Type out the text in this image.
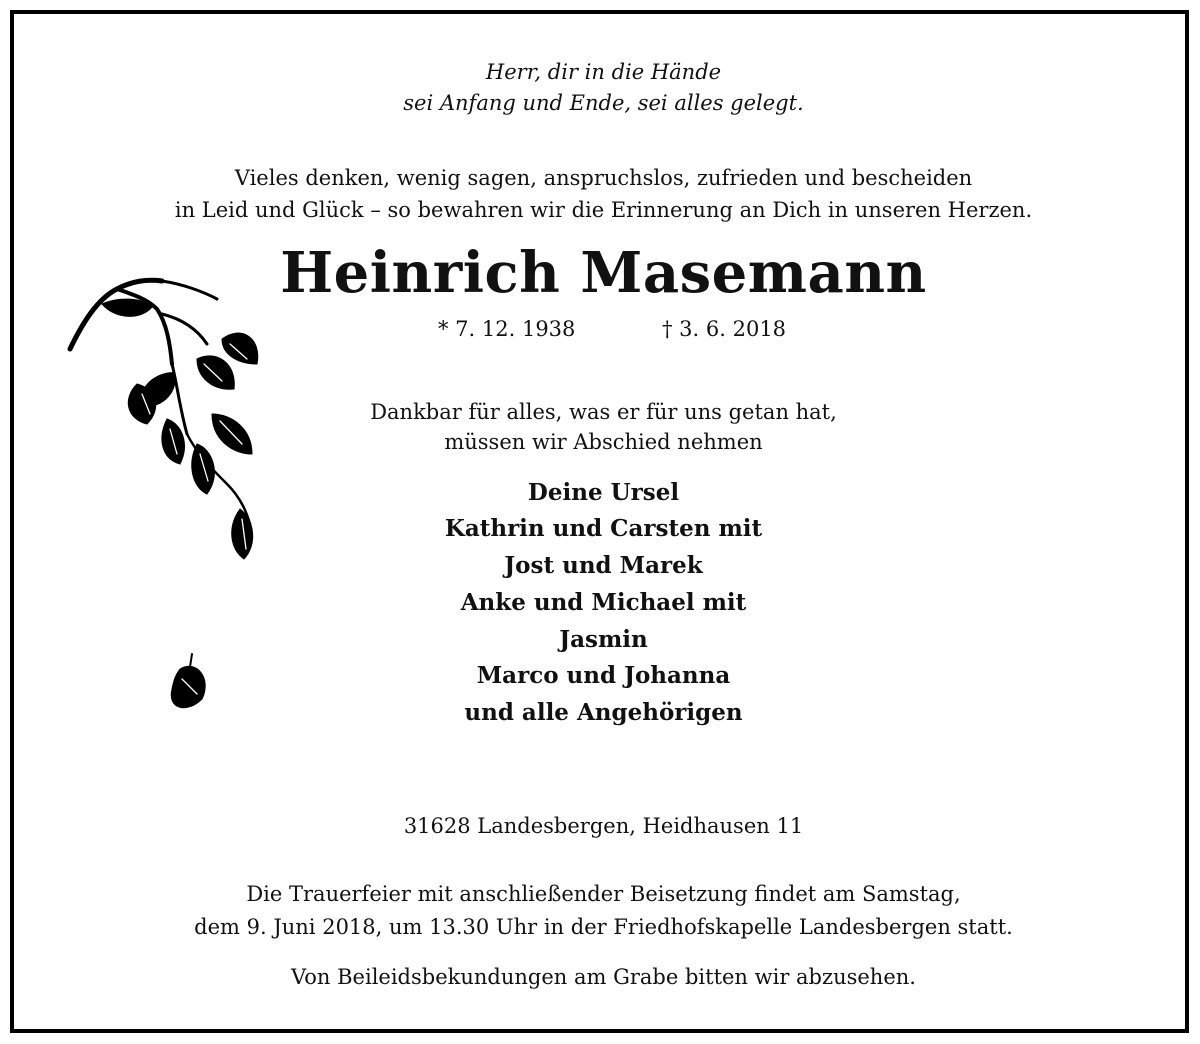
Herr, dir in die Hände
sei Anfang und Ende, sei alles gelegt.
Vieles denken, wenig sagen, anspruchslos, zufrieden und bescheiden
in Leid und Glück – so bewahren wir die Erinnerung an Dich in unseren Herzen.
Heinrich Masemann
* 7. 12. 1938	† 3. 6. 2018
Dankbar für alles, was er für uns getan hat,
müssen wir Abschied nehmen
Deine Ursel
Kathrin und Carsten mit
Jost und Marek
Anke und Michael mit
Jasmin
Marco und Johanna
und alle Angehörigen
31628 Landesbergen, Heidhausen 11
Die Trauerfeier mit anschließender Beisetzung findet am Samstag,
dem 9. Juni 2018, um 13.30 Uhr in der Friedhofskapelle Landesbergen statt.
Von Beileidsbekundungen am Grabe bitten wir abzusehen.
